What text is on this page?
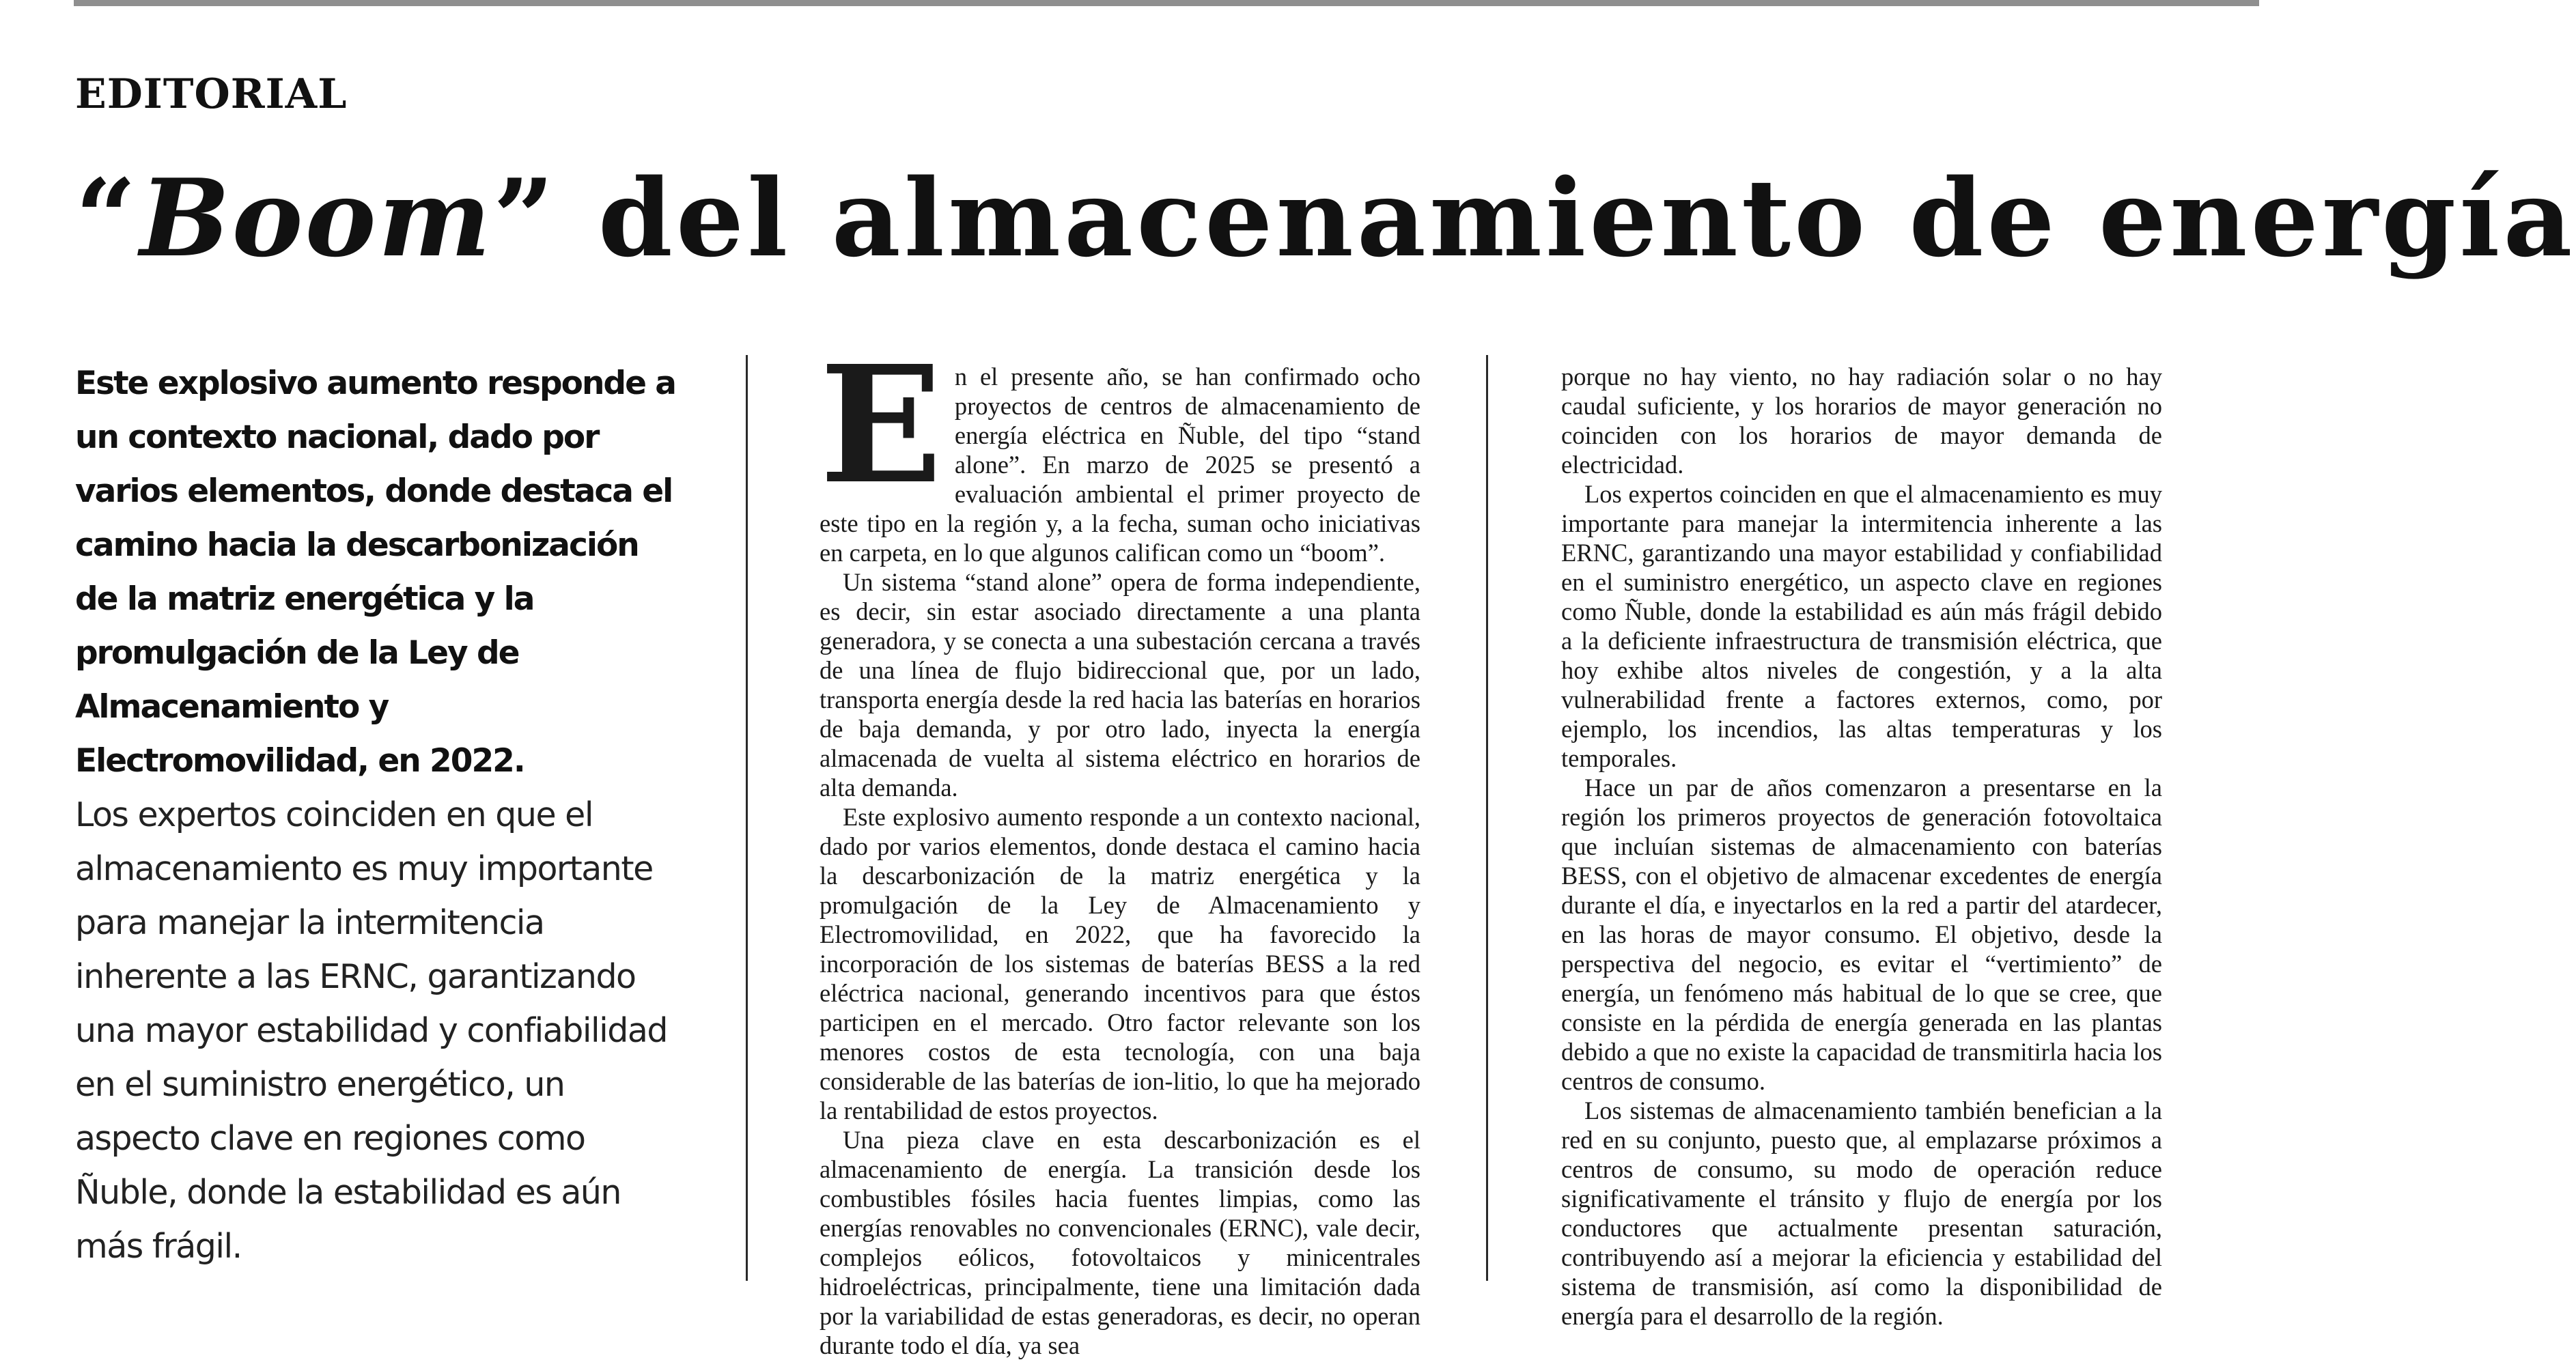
EDITORIAL
“Boom” del almacenamiento de energía

Este explosivo aumento responde a un contexto nacional, dado por varios elementos, donde destaca el camino hacia la descarbonización de la matriz energética y la promulgación de la Ley de Almacenamiento y Electromovilidad, en 2022.

Los expertos coinciden en que el almacenamiento es muy importante para manejar la intermitencia inherente a las ERNC, garantizando una mayor estabilidad y confiabilidad en el suministro energético, un aspecto clave en regiones como Ñuble, donde la estabilidad es aún más frágil.

En el presente año, se han confirmado ocho proyectos de centros de almacenamiento de energía eléctrica en Ñuble, del tipo “stand alone”. En marzo de 2025 se presentó a evaluación ambiental el primer proyecto de este tipo en la región y, a la fecha, suman ocho iniciativas en carpeta, en lo que algunos califican como un “boom”.

Un sistema “stand alone” opera de forma independiente, es decir, sin estar asociado directamente a una planta generadora, y se conecta a una subestación cercana a través de una línea de flujo bidireccional que, por un lado, transporta energía desde la red hacia las baterías en horarios de baja demanda, y por otro lado, inyecta la energía almacenada de vuelta al sistema eléctrico en horarios de alta demanda.

Este explosivo aumento responde a un contexto nacional, dado por varios elementos, donde destaca el camino hacia la descarbonización de la matriz energética y la promulgación de la Ley de Almacenamiento y Electromovilidad, en 2022, que ha favorecido la incorporación de los sistemas de baterías BESS a la red eléctrica nacional, generando incentivos para que éstos participen en el mercado. Otro factor relevante son los menores costos de esta tecnología, con una baja considerable de las baterías de ion-litio, lo que ha mejorado la rentabilidad de estos proyectos.

Una pieza clave en esta descarbonización es el almacenamiento de energía. La transición desde los combustibles fósiles hacia fuentes limpias, como las energías renovables no convencionales (ERNC), vale decir, complejos eólicos, fotovoltaicos y minicentrales hidroeléctricas, principalmente, tiene una limitación dada por la variabilidad de estas generadoras, es decir, no operan durante todo el día, ya sea

porque no hay viento, no hay radiación solar o no hay caudal suficiente, y los horarios de mayor generación no coinciden con los horarios de mayor demanda de electricidad.

Los expertos coinciden en que el almacenamiento es muy importante para manejar la intermitencia inherente a las ERNC, garantizando una mayor estabilidad y confiabilidad en el suministro energético, un aspecto clave en regiones como Ñuble, donde la estabilidad es aún más frágil debido a la deficiente infraestructura de transmisión eléctrica, que hoy exhibe altos niveles de congestión, y a la alta vulnerabilidad frente a factores externos, como, por ejemplo, los incendios, las altas temperaturas y los temporales.

Hace un par de años comenzaron a presentarse en la región los primeros proyectos de generación fotovoltaica que incluían sistemas de almacenamiento con baterías BESS, con el objetivo de almacenar excedentes de energía durante el día, e inyectarlos en la red a partir del atardecer, en las horas de mayor consumo. El objetivo, desde la perspectiva del negocio, es evitar el “vertimiento” de energía, un fenómeno más habitual de lo que se cree, que consiste en la pérdida de energía generada en las plantas debido a que no existe la capacidad de transmitirla hacia los centros de consumo.

Los sistemas de almacenamiento también benefician a la red en su conjunto, puesto que, al emplazarse próximos a centros de consumo, su modo de operación reduce significativamente el tránsito y flujo de energía por los conductores que actualmente presentan saturación, contribuyendo así a mejorar la eficiencia y estabilidad del sistema de transmisión, así como la disponibilidad de energía para el desarrollo de la región.
